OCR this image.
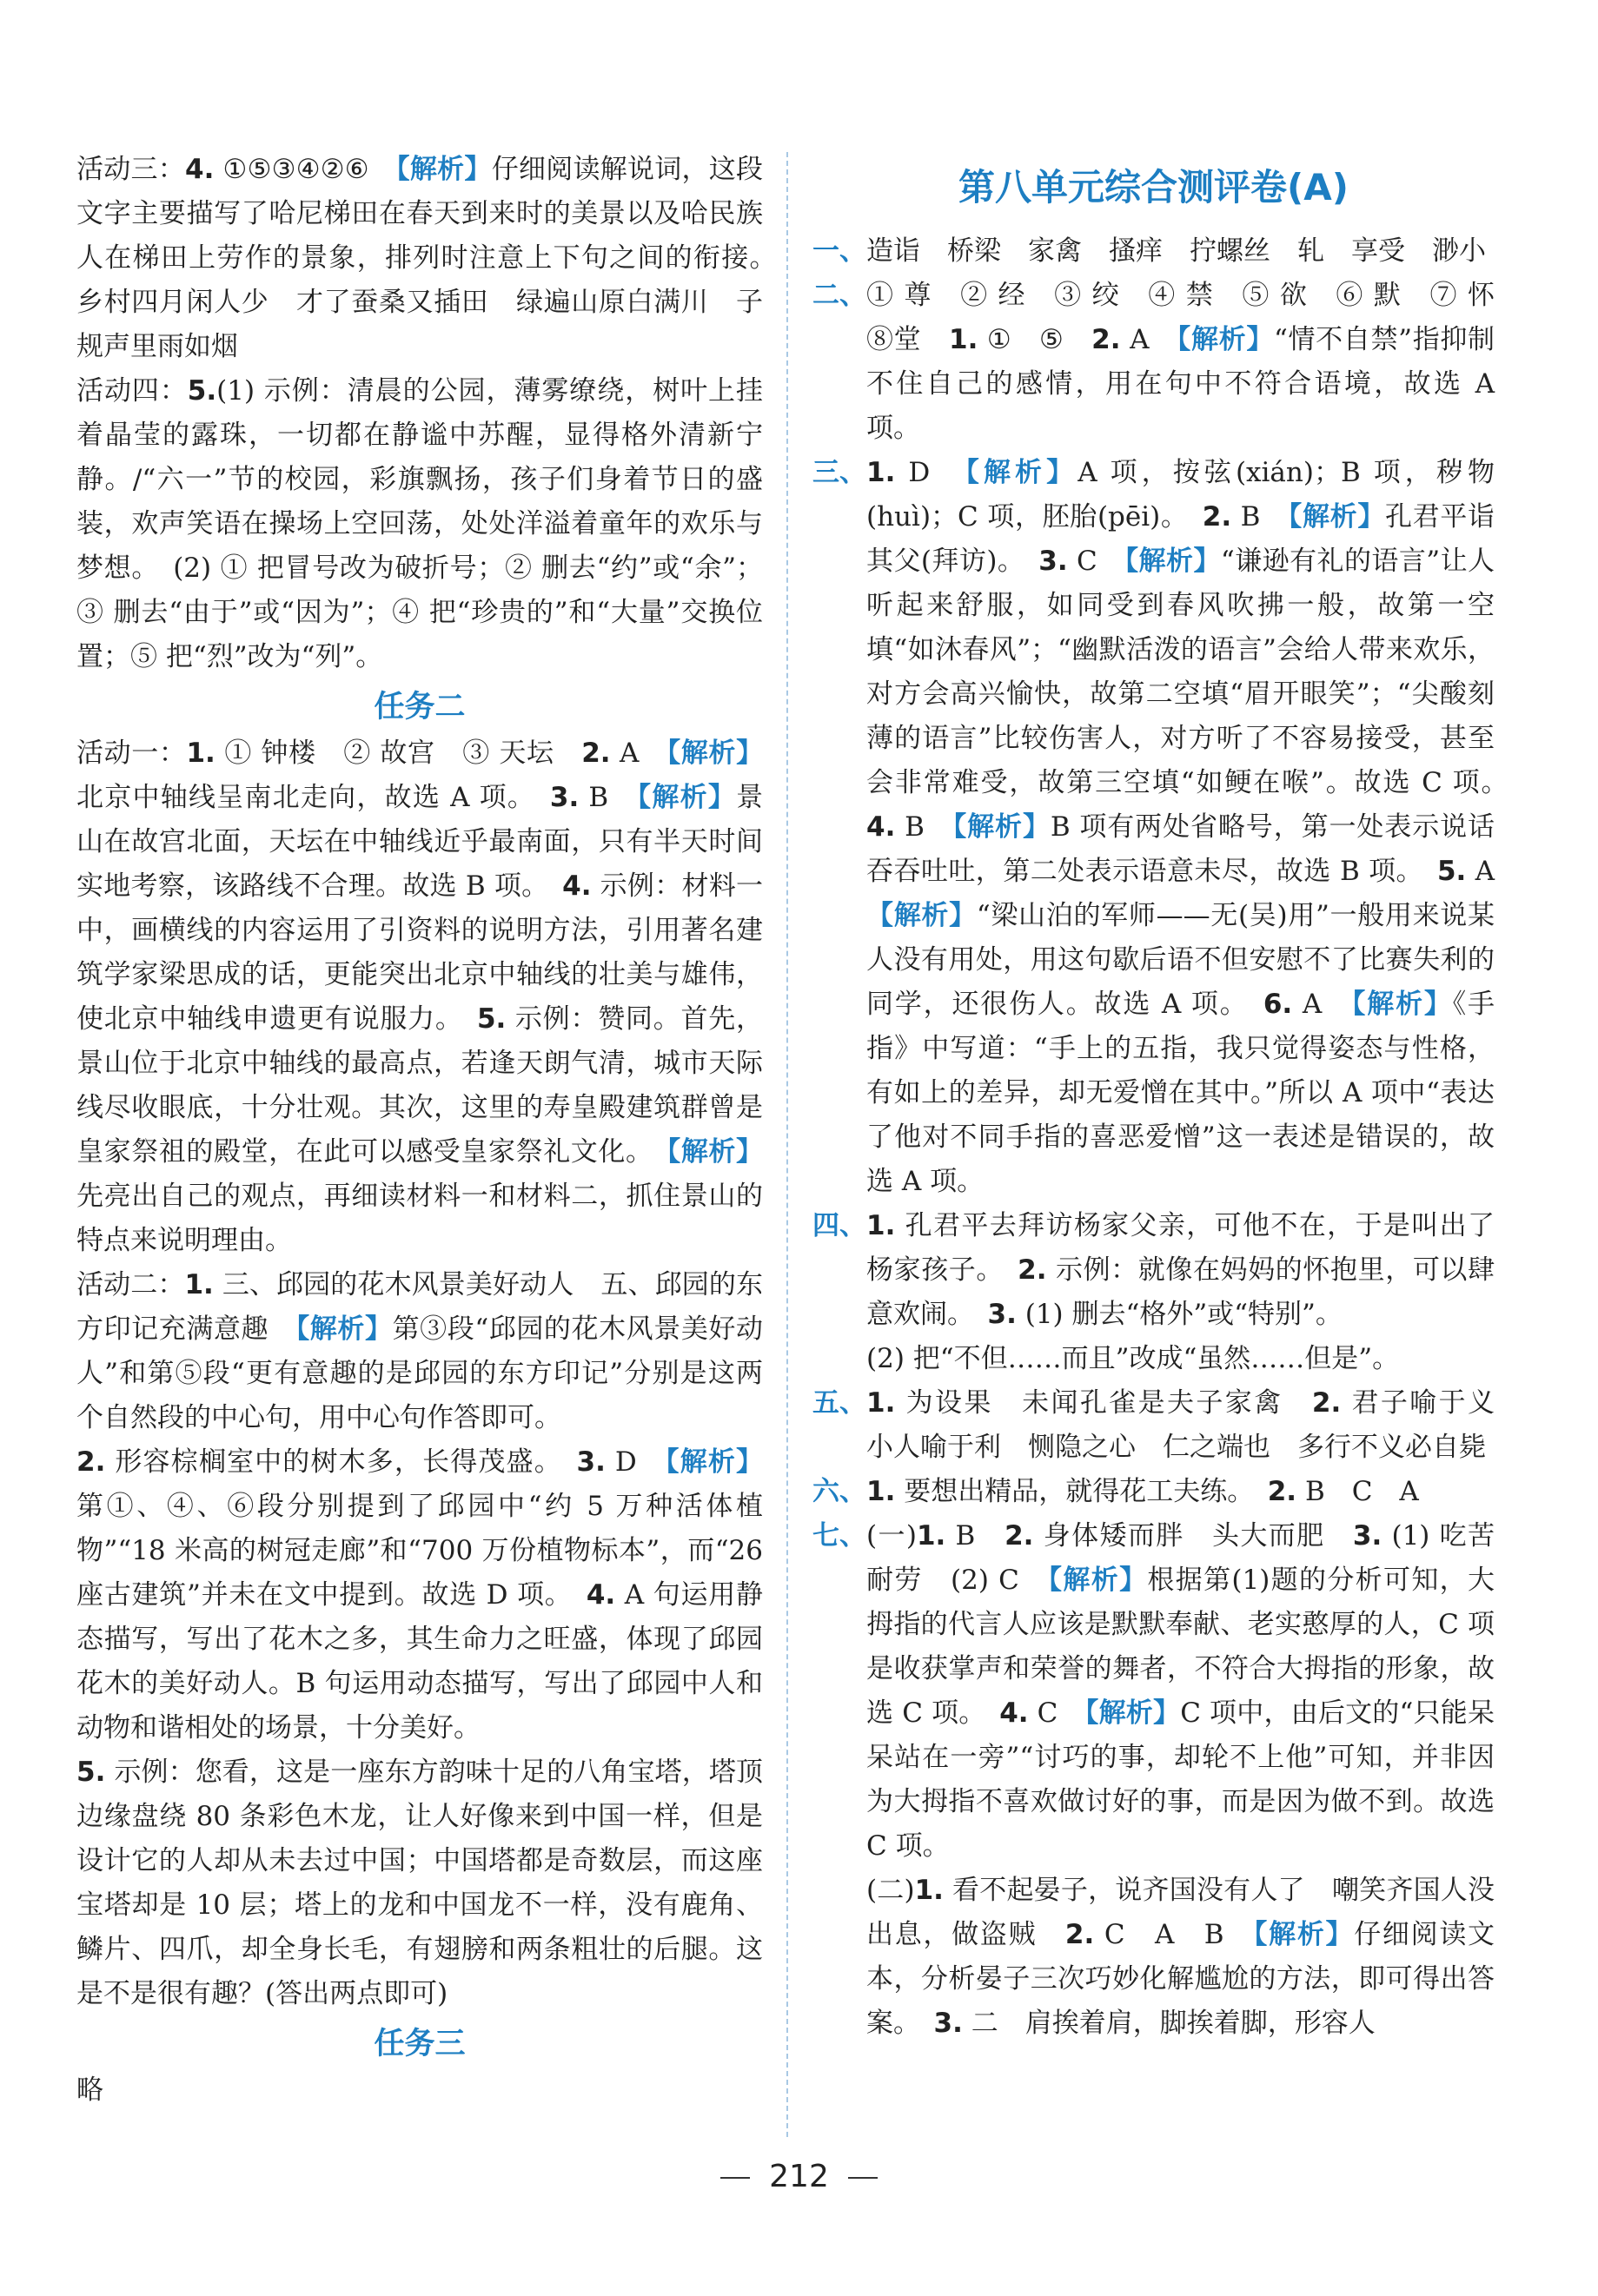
活动三：4. ①⑤③④②⑥　 【 解析 】 仔细阅读解说词，这段文字主要描写了哈尼梯田在春天到来时的美景以及哈民族人在梯田上劳作的景象，排列时注意上下句之间的衔接。　乡村四月闲人少　才了蚕桑又插田　绿遍山原白满川　子规声里雨如烟

活动四：5.(1) 示例：清晨的公园，薄雾缭绕，树叶上挂着晶莹的露珠，一切都在静谧中苏醒，显得格外清新宁静。/“六一”节的校园，彩旗飘扬，孩子们身着节日的盛装，欢声笑语在操场上空回荡，处处洋溢着童年的欢乐与梦想。　(2) ① 把冒号改为破折号；② 删去“约”或“余”；③ 删去“由于”或“因为”；④ 把“珍贵的”和“大量”交换位置；⑤ 把“烈”改为“列”。

任务二

活动一：1. ① 钟楼　② 故宫　③ 天坛　 2. A　 【 解析 】北京中轴线呈南北走向，故选 A 项。　 3. B　 【 解析 】 景山在故宫北面，天坛在中轴线近乎最南面，只有半天时间实地考察，该路线不合理。故选 B 项。　 4. 示例：材料一中，画横线的内容运用了引资料的说明方法，引用著名建筑学家梁思成的话，更能突出北京中轴线的壮美与雄伟，使北京中轴线申遗更有说服力。　 5. 示例：赞同。首先，景山位于北京中轴线的最高点，若逢天朗气清，城市天际线尽收眼底，十分壮观。其次，这里的寿皇殿建筑群曾是皇家祭祖的殿堂，在此可以感受皇家祭礼文化。　 【 解析 】先亮出自己的观点，再细读材料一和材料二，抓住景山的特点来说明理由。

活动二：1. 三、邱园的花木风景美好动人　五、邱园的东方印记充满意趣　 【 解析 】 第③段“邱园的花木风景美好动人”和第⑤段“更有意趣的是邱园的东方印记”分别是这两个自然段的中心句，用中心句作答即可。

2. 形容棕榈室中的树木多，长得茂盛。　 3. D　 【 解析 】第①、④、⑥段分别提到了邱园中“约 5 万种活体植物”“18 米高的树冠走廊”和“700 万份植物标本”，而“26 座古建筑”并未在文中提到。故选 D 项。　 4. A 句运用静态描写，写出了花木之多，其生命力之旺盛，体现了邱园花木的美好动人。B 句运用动态描写，写出了邱园中人和动物和谐相处的场景，十分美好。

5. 示例：您看，这是一座东方韵味十足的八角宝塔，塔顶边缘盘绕 80 条彩色木龙，让人好像来到中国一样，但是设计它的人却从未去过中国；中国塔都是奇数层，而这座宝塔却是 10 层；塔上的龙和中国龙不一样，没有鹿角、鳞片、四爪，却全身长毛，有翅膀和两条粗壮的后腿。这是不是很有趣？(答出两点即可)

任务三

略

第八单元综合测评卷(A)
一、 造诣　桥梁　家禽　搔痒　拧螺丝　轧　享受　渺小

二、 ① 尊　② 经　③ 绞　④ 禁　⑤ 欲　⑥ 默　⑦ 怀　⑧堂　 1. ①　⑤　 2. A　 【 解析 】 “情不自禁”指抑制不住自己的感情，用在句中不符合语境，故选 A 项。

三、 1. D　 【 解析 】 A 项，按弦(xián)；B 项，秽物(huì)；C 项，胚胎(pēi)。　 2. B　 【 解析 】 孔君平诣其父(拜访)。　 3. C　 【 解析 】 “谦逊有礼的语言”让人听起来舒服，如同受到春风吹拂一般，故第一空填“如沐春风”；“幽默活泼的语言”会给人带来欢乐，对方会高兴愉快，故第二空填“眉开眼笑”；“尖酸刻薄的语言”比较伤害人，对方听了不容易接受，甚至会非常难受，故第三空填“如鲠在喉”。故选 C 项。　4. B　 【 解析 】 B 项有两处省略号，第一处表示说话吞吞吐吐，第二处表示语意未尽，故选 B 项。　 5. A　【 解析 】 “梁山泊的军师——无(吴)用”一般用来说某人没有用处，用这句歇后语不但安慰不了比赛失利的同学，还很伤人。故选 A 项。　 6. A　 【 解析 】 《手指》中写道：“手上的五指，我只觉得姿态与性格，有如上的差异，却无爱憎在其中。”所以 A 项中“表达了他对不同手指的喜恶爱憎”这一表述是错误的，故选 A 项。

四、 1. 孔君平去拜访杨家父亲，可他不在，于是叫出了杨家孩子。　 2. 示例：就像在妈妈的怀抱里，可以肆意欢闹。　 3. (1) 删去“格外”或“特别”。

(2) 把“不但……而且”改成“虽然……但是”。

五、 1. 为设果　未闻孔雀是夫子家禽　 2. 君子喻于义　小人喻于利　恻隐之心　仁之端也　多行不义必自毙

六、 1. 要想出精品，就得花工夫练。　 2. B　C　A

七、 (一)1. B　 2. 身体矮而胖　头大而肥　 3. (1) 吃苦耐劳　(2) C　 【 解析 】 根据第(1)题的分析可知，大拇指的代言人应该是默默奉献、老实憨厚的人，C 项是收获掌声和荣誉的舞者，不符合大拇指的形象，故选 C 项。　 4. C　 【 解析 】 C 项中，由后文的“只能呆呆站在一旁”“讨巧的事，却轮不上他”可知，并非因为大拇指不喜欢做讨好的事，而是因为做不到。故选 C 项。

(二)1. 看不起晏子，说齐国没有人了　嘲笑齐国人没出息，做盗贼　 2. C　A　B　 【 解析 】 仔细阅读文本，分析晏子三次巧妙化解尴尬的方法，即可得出答案。　 3. 二　肩挨着肩，脚挨着脚，形容人

212
